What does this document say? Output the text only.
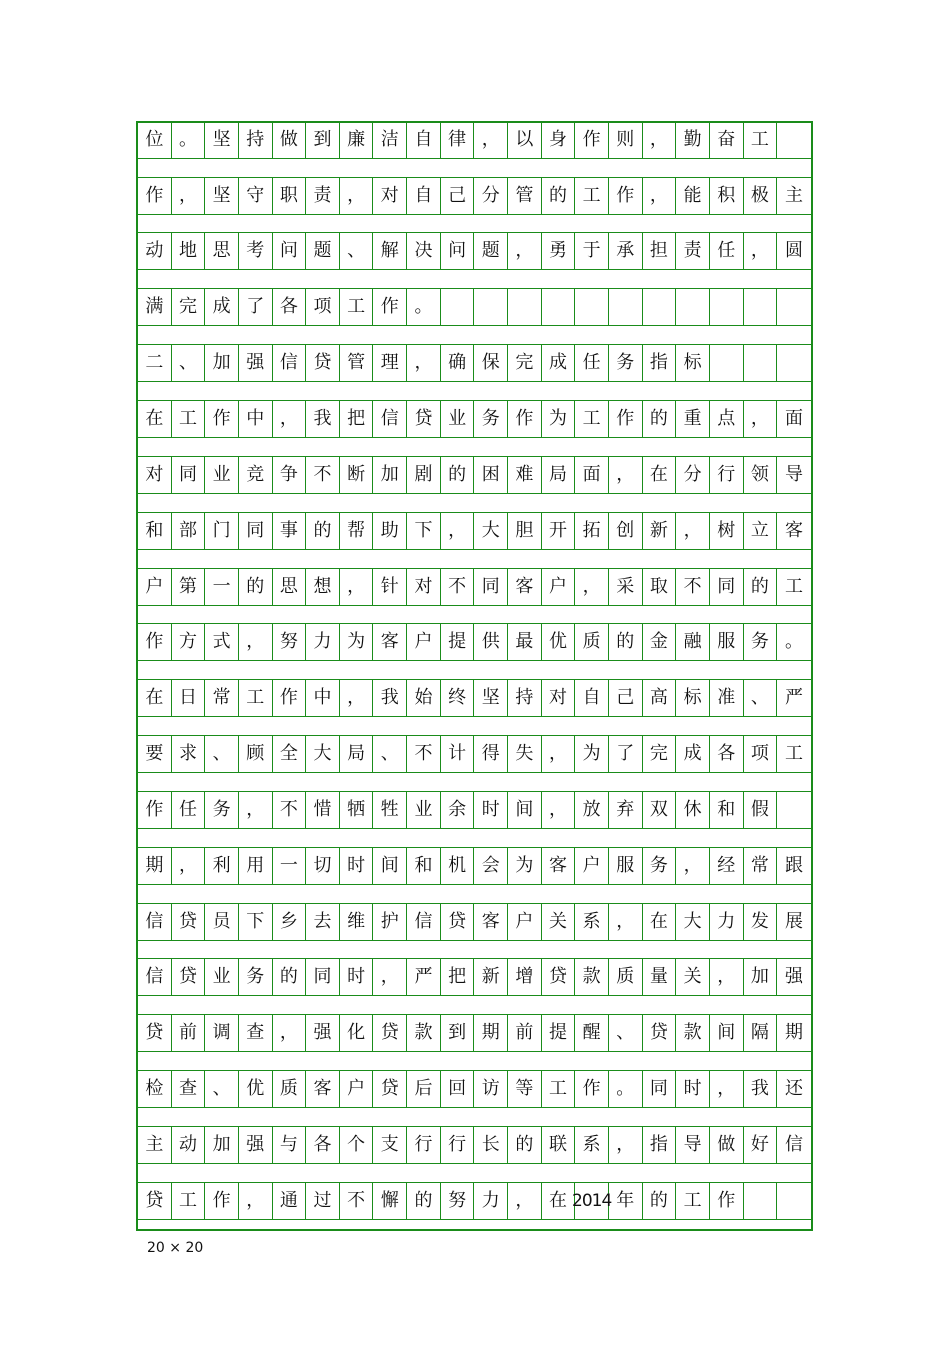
位 。 坚 持 做 到 廉 洁 自 律 ， 以 身 作 则 ， 勤 奋 工
作 ， 坚 守 职 责 ， 对 自 己 分 管 的 工 作 ， 能 积 极 主
动 地 思 考 问 题 、 解 决 问 题 ， 勇 于 承 担 责 任 ， 圆
满 完 成 了 各 项 工 作 。
二 、 加 强 信 贷 管 理 ， 确 保 完 成 任 务 指 标
在 工 作 中 ， 我 把 信 贷 业 务 作 为 工 作 的 重 点 ， 面
对 同 业 竞 争 不 断 加 剧 的 困 难 局 面 ， 在 分 行 领 导
和 部 门 同 事 的 帮 助 下 ， 大 胆 开 拓 创 新 ， 树 立 客
户 第 一 的 思 想 ， 针 对 不 同 客 户 ， 采 取 不 同 的 工
作 方 式 ， 努 力 为 客 户 提 供 最 优 质 的 金 融 服 务 。
在 日 常 工 作 中 ， 我 始 终 坚 持 对 自 己 高 标 准 、 严
要 求 、 顾 全 大 局 、 不 计 得 失 ， 为 了 完 成 各 项 工
作 任 务 ， 不 惜 牺 牲 业 余 时 间 ， 放 弃 双 休 和 假
期 ， 利 用 一 切 时 间 和 机 会 为 客 户 服 务 ， 经 常 跟
信 贷 员 下 乡 去 维 护 信 贷 客 户 关 系 ， 在 大 力 发 展
信 贷 业 务 的 同 时 ， 严 把 新 增 贷 款 质 量 关 ， 加 强
贷 前 调 查 ， 强 化 贷 款 到 期 前 提 醒 、 贷 款 间 隔 期
检 查 、 优 质 客 户 贷 后 回 访 等 工 作 。 同 时 ， 我 还
主 动 加 强 与 各 个 支 行 行 长 的 联 系 ， 指 导 做 好 信
贷 工 作 ， 通 过 不 懈 的 努 力 ， 在 2014 年 的 工 作
20 × 20
